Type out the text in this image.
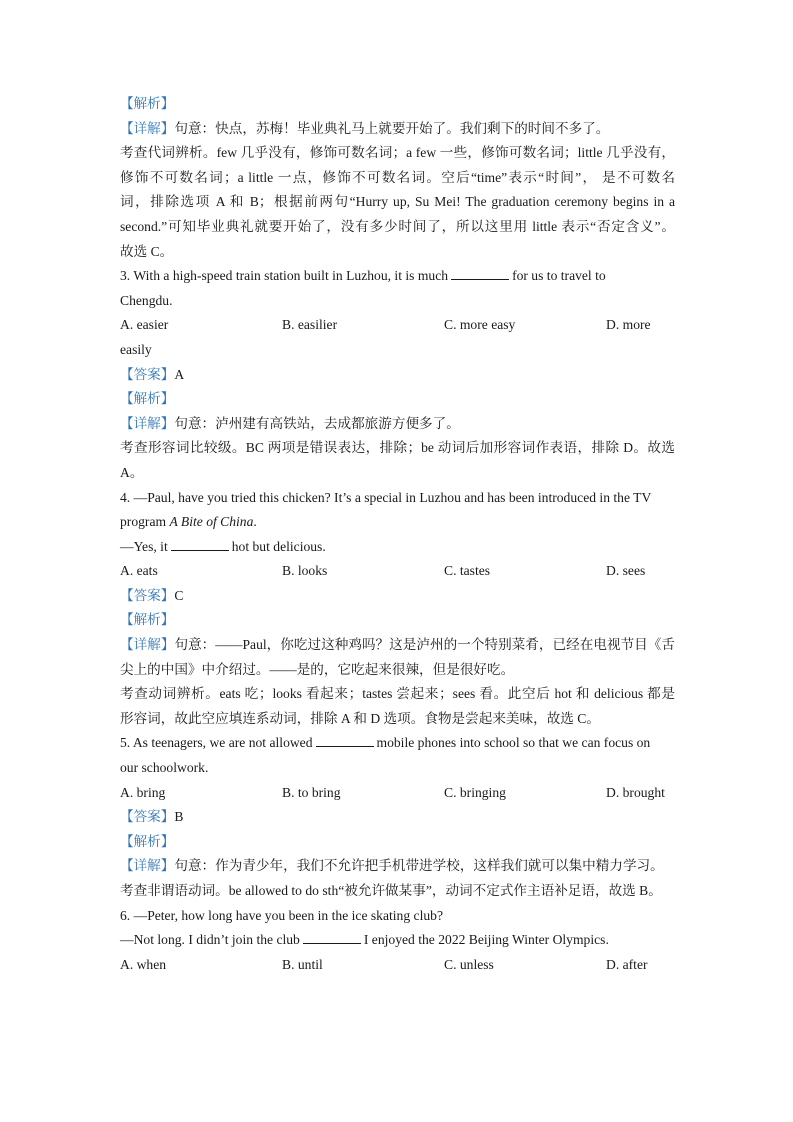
【解析】
【详解】句意：快点，苏梅！毕业典礼马上就要开始了。我们剩下的时间不多了。
考查代词辨析。few 几乎没有，修饰可数名词；a few 一些，修饰可数名词；little 几乎没有，
修饰不可数名词；a little 一点，修饰不可数名词。空后“time”表示“时间”， 是不可数名
词，排除选项 A 和 B；根据前两句“Hurry up, Su Mei! The graduation ceremony begins in a
second.”可知毕业典礼就要开始了，没有多少时间了，所以这里用 little 表示“否定含义”。
故选 C。
3. With a high-speed train station built in Luzhou, it is much	for us to travel to
Chengdu.
A. easier	B. easilier	C. more easy	D. more
easily
【答案】A
【解析】
【详解】句意：泸州建有高铁站，去成都旅游方便多了。
考查形容词比较级。BC 两项是错误表达，排除；be 动词后加形容词作表语，排除 D。故选
A。
4. —Paul, have you tried this chicken? It’s a special in Luzhou and has been introduced in the TV
program A Bite of China.
—Yes, it	hot but delicious.
A. eats	B. looks	C. tastes	D. sees
【答案】C
【解析】
【详解】句意：——Paul，你吃过这种鸡吗？这是泸州的一个特别菜肴，已经在电视节目《舌
尖上的中国》中介绍过。——是的，它吃起来很辣，但是很好吃。
考查动词辨析。eats 吃；looks 看起来；tastes 尝起来；sees 看。此空后 hot 和 delicious 都是
形容词，故此空应填连系动词，排除 A 和 D 选项。食物是尝起来美味，故选 C。
5. As teenagers, we are not allowed	mobile phones into school so that we can focus on
our schoolwork.
A. bring	B. to bring	C. bringing	D. brought
【答案】B
【解析】
【详解】句意：作为青少年，我们不允许把手机带进学校，这样我们就可以集中精力学习。
考查非谓语动词。be allowed to do sth“被允许做某事”，动词不定式作主语补足语，故选 B。
6. —Peter, how long have you been in the ice skating club?
—Not long. I didn’t join the club	I enjoyed the 2022 Beijing Winter Olympics.
A. when	B. until	C. unless	D. after
